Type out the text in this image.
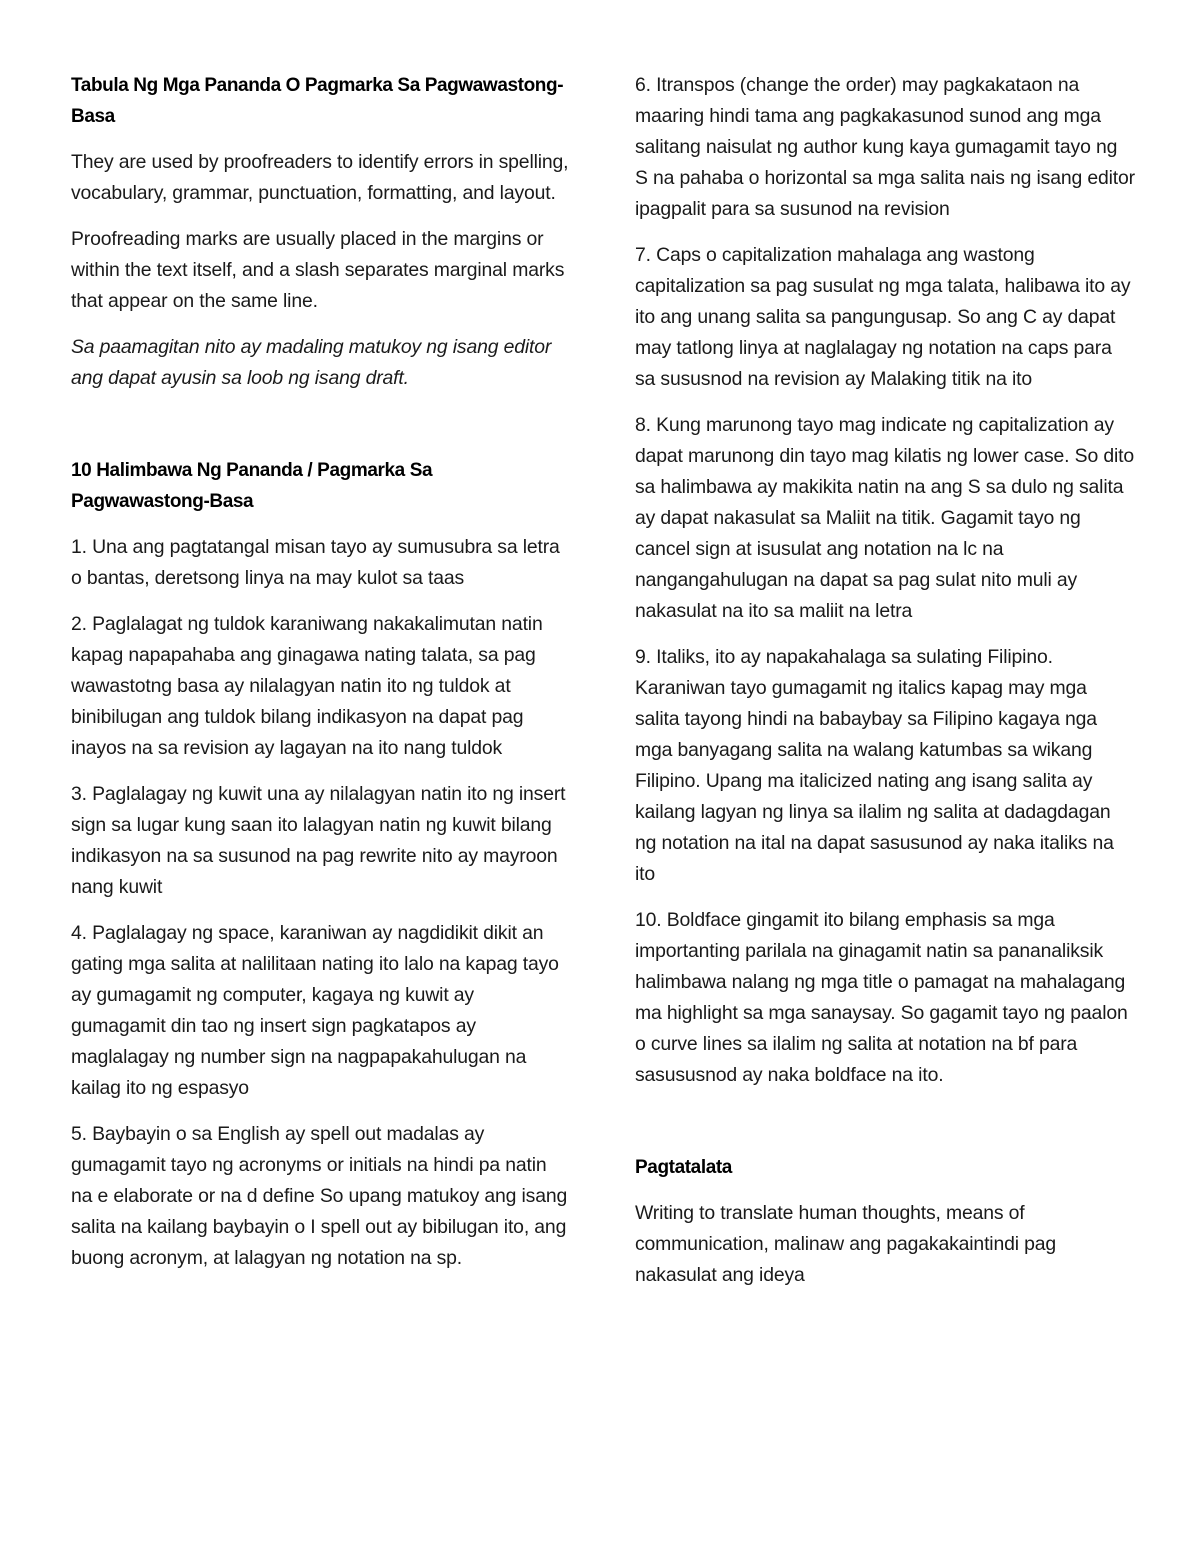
Tabula Ng Mga Pananda O Pagmarka Sa Pagwawastong-Basa

They are used by proofreaders to identify errors in spelling, vocabulary, grammar, punctuation, formatting, and layout.

Proofreading marks are usually placed in the margins or within the text itself, and a slash separates marginal marks that appear on the same line.

Sa paamagitan nito ay madaling matukoy ng isang editor ang dapat ayusin sa loob ng isang draft.

10 Halimbawa Ng Pananda / Pagmarka Sa Pagwawastong-Basa

1. Una ang pagtatangal misan tayo ay sumusubra sa letra o bantas, deretsong linya na may kulot sa taas

2. Paglalagat ng tuldok karaniwang nakakalimutan natin kapag napapahaba ang ginagawa nating talata, sa pag wawastotng basa ay nilalagyan natin ito ng tuldok at binibilugan ang tuldok bilang indikasyon na dapat pag inayos na sa revision ay lagayan na ito nang tuldok

3. Paglalagay ng kuwit una ay nilalagyan natin ito ng insert sign sa lugar kung saan ito lalagyan natin ng kuwit bilang indikasyon na sa susunod na pag rewrite nito ay mayroon nang kuwit

4. Paglalagay ng space, karaniwan ay nagdidikit dikit an gating mga salita at nalilitaan nating ito lalo na kapag tayo ay gumagamit ng computer, kagaya ng kuwit ay gumagamit din tao ng insert sign pagkatapos ay maglalagay ng number sign na nagpapakahulugan na kailag ito ng espasyo

5. Baybayin o sa English ay spell out madalas ay gumagamit tayo ng acronyms or initials na hindi pa natin na e elaborate or na d define So upang matukoy ang isang salita na kailang baybayin o I spell out ay bibilugan ito, ang buong acronym, at lalagyan ng notation na sp.

6. Itranspos (change the order) may pagkakataon na maaring hindi tama ang pagkakasunod sunod ang mga salitang naisulat ng author kung kaya gumagamit tayo ng S na pahaba o horizontal sa mga salita nais ng isang editor ipagpalit para sa susunod na revision

7. Caps o capitalization mahalaga ang wastong capitalization sa pag susulat ng mga talata, halibawa ito ay ito ang unang salita sa pangungusap. So ang C ay dapat may tatlong linya at naglalagay ng notation na caps para sa sususnod na revision ay Malaking titik na ito

8. Kung marunong tayo mag indicate ng capitalization ay dapat marunong din tayo mag kilatis ng lower case. So dito sa halimbawa ay makikita natin na ang S sa dulo ng salita ay dapat nakasulat sa Maliit na titik. Gagamit tayo ng cancel sign at isusulat ang notation na lc na nangangahulugan na dapat sa pag sulat nito muli ay nakasulat na ito sa maliit na letra

9. Italiks, ito ay napakahalaga sa sulating Filipino. Karaniwan tayo gumagamit ng italics kapag may mga salita tayong hindi na babaybay sa Filipino kagaya nga mga banyagang salita na walang katumbas sa wikang Filipino. Upang ma italicized nating ang isang salita ay kailang lagyan ng linya sa ilalim ng salita at dadagdagan ng notation na ital na dapat sasusunod ay naka italiks na ito

10. Boldface gingamit ito bilang emphasis sa mga importanting parilala na ginagamit natin sa pananaliksik halimbawa nalang ng mga title o pamagat na mahalagang ma highlight sa mga sanaysay. So gagamit tayo ng paalon o curve lines sa ilalim ng salita at notation na bf para sasususnod ay naka boldface na ito.

Pagtatalata

Writing to translate human thoughts, means of communication, malinaw ang pagakakaintindi pag nakasulat ang ideya
